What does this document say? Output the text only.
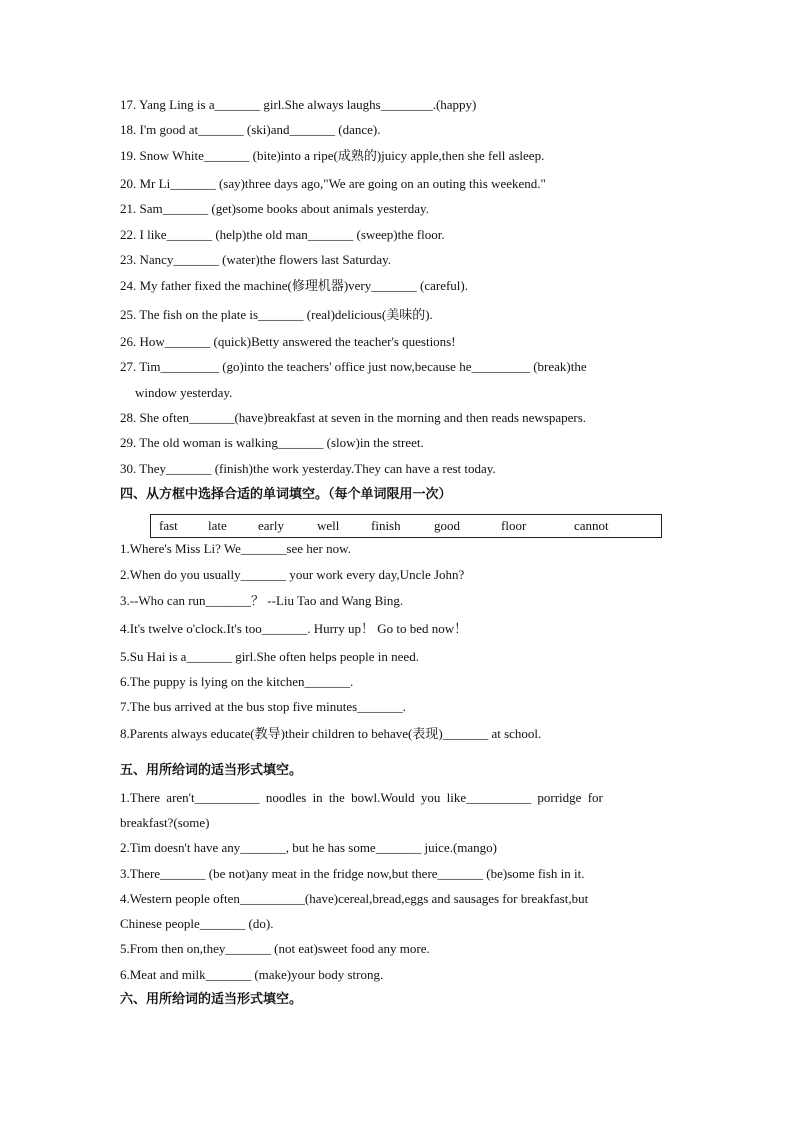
17. Yang Ling is a_______ girl.She always laughs________.(happy)
18. I'm good at_______ (ski)and_______ (dance).
19. Snow White_______ (bite)into a ripe(成熟的)juicy apple,then she fell asleep.
20. Mr Li_______ (say)three days ago,"We are going on an outing this weekend."
21. Sam_______ (get)some books about animals yesterday.
22. I like_______ (help)the old man_______ (sweep)the floor.
23. Nancy_______ (water)the flowers last Saturday.
24. My father fixed the machine(修理机器)very_______ (careful).
25. The fish on the plate is_______ (real)delicious(美味的).
26. How_______ (quick)Betty answered the teacher's questions!
27. Tim_________ (go)into the teachers' office just now,because he_________ (break)the
window yesterday.
28. She often_______(have)breakfast at seven in the morning and then reads newspapers.
29. The old woman is walking_______ (slow)in the street.
30. They_______ (finish)the work yesterday.They can have a rest today.
四、从方框中选择合适的单词填空。（每个单词限用一次）
fast late early	well finish	good	floor	cannot
1.Where's Miss Li? We_______see her now.
2.When do you usually_______ your work every day,Uncle John?
3.--Who can run_______？ --Liu Tao and Wang Bing.
4.It's twelve o'clock.It's too_______. Hurry up！ Go to bed now！
5.Su Hai is a_______ girl.She often helps people in need.
6.The puppy is lying on the kitchen_______.
7.The bus arrived at the bus stop five minutes_______.
8.Parents always educate(教导)their children to behave(表现)_______ at school.
五、用所给词的适当形式填空。
1.There aren't__________ noodles in the bowl.Would you like__________ porridge for
breakfast?(some)
2.Tim doesn't have any_______, but he has some_______ juice.(mango)
3.There_______ (be not)any meat in the fridge now,but there_______ (be)some fish in it.
4.Western people often__________(have)cereal,bread,eggs and sausages for breakfast,but
Chinese people_______ (do).
5.From then on,they_______ (not eat)sweet food any more.
6.Meat and milk_______ (make)your body strong.
六、用所给词的适当形式填空。
